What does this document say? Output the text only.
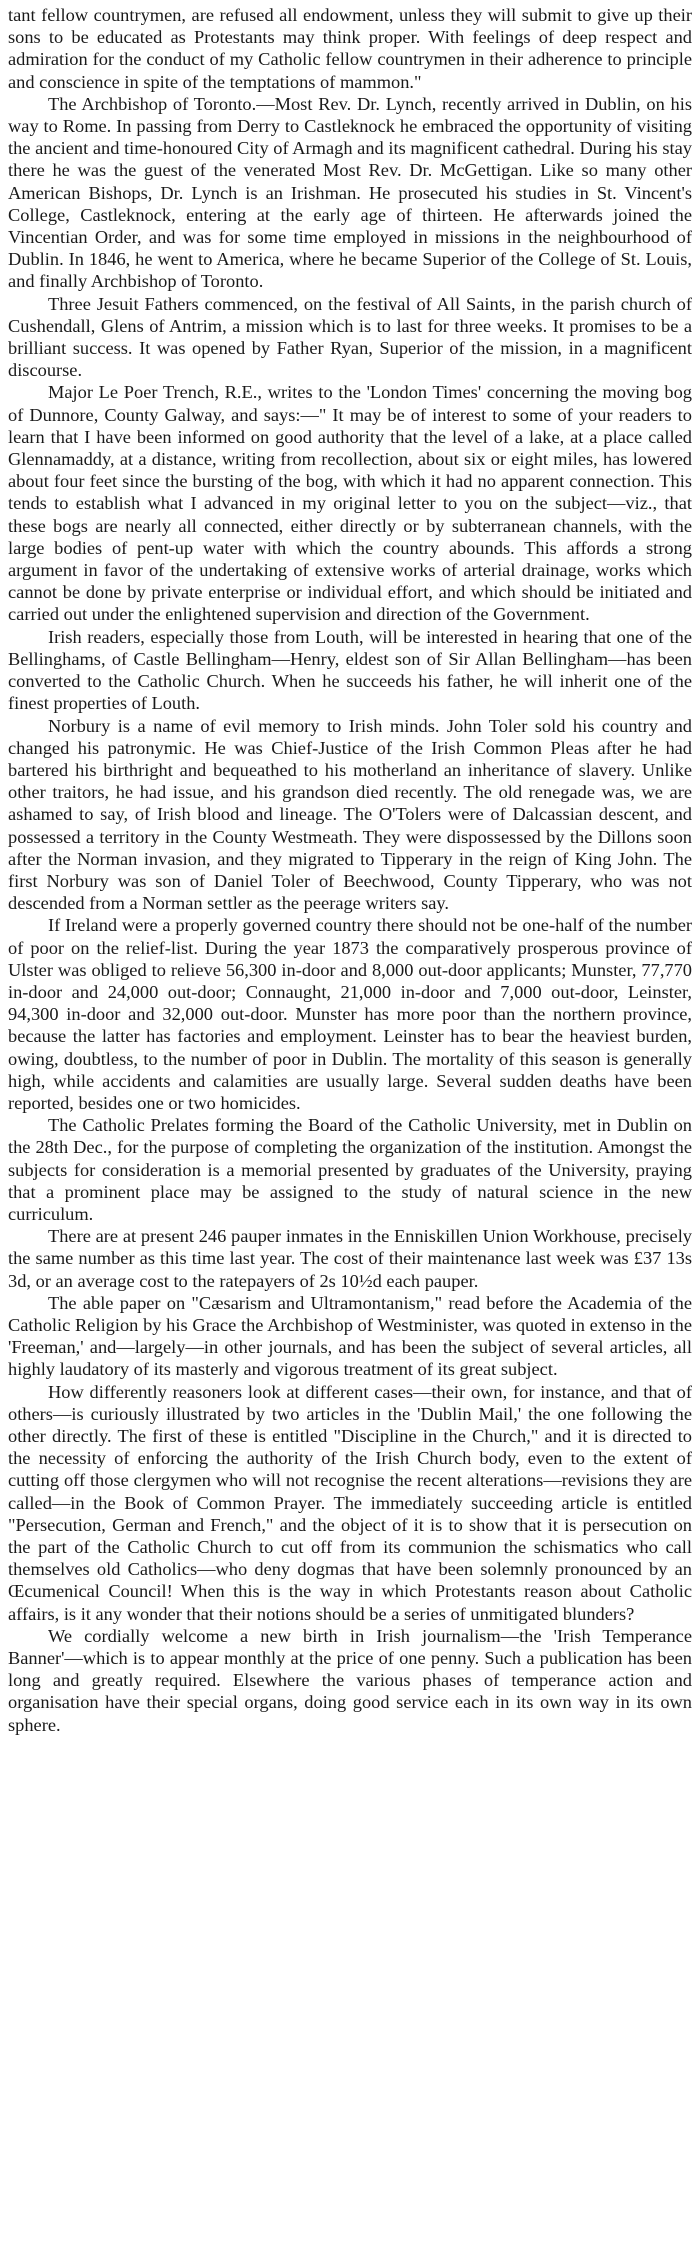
tant fellow countrymen, are refused all endowment, unless they will submit to give up their sons to be educated as Protestants may think proper. With feelings of deep respect and admiration for the conduct of my Catholic fellow countrymen in their adherence to principle and conscience in spite of the temptations of mammon."

The Archbishop of Toronto.—Most Rev. Dr. Lynch, recently arrived in Dublin, on his way to Rome. In passing from Derry to Castleknock he embraced the opportunity of visiting the ancient and time-honoured City of Armagh and its magnificent cathedral. During his stay there he was the guest of the venerated Most Rev. Dr. McGettigan. Like so many other American Bishops, Dr. Lynch is an Irishman. He prosecuted his studies in St. Vincent's College, Castleknock, entering at the early age of thirteen. He afterwards joined the Vincentian Order, and was for some time employed in missions in the neighbourhood of Dublin. In 1846, he went to America, where he became Superior of the College of St. Louis, and finally Archbishop of Toronto.

Three Jesuit Fathers commenced, on the festival of All Saints, in the parish church of Cushendall, Glens of Antrim, a mission which is to last for three weeks. It promises to be a brilliant success. It was opened by Father Ryan, Superior of the mission, in a magnificent discourse.

Major Le Poer Trench, R.E., writes to the 'London Times' concerning the moving bog of Dunnore, County Galway, and says:—" It may be of interest to some of your readers to learn that I have been informed on good authority that the level of a lake, at a place called Glennamaddy, at a distance, writing from recollection, about six or eight miles, has lowered about four feet since the bursting of the bog, with which it had no apparent connection. This tends to establish what I advanced in my original letter to you on the subject—viz., that these bogs are nearly all connected, either directly or by subterranean channels, with the large bodies of pent-up water with which the country abounds. This affords a strong argument in favor of the undertaking of extensive works of arterial drainage, works which cannot be done by private enterprise or individual effort, and which should be initiated and carried out under the enlightened supervision and direction of the Government.

Irish readers, especially those from Louth, will be interested in hearing that one of the Bellinghams, of Castle Bellingham—Henry, eldest son of Sir Allan Bellingham—has been converted to the Catholic Church. When he succeeds his father, he will inherit one of the finest properties of Louth.

Norbury is a name of evil memory to Irish minds. John Toler sold his country and changed his patronymic. He was Chief-Justice of the Irish Common Pleas after he had bartered his birthright and bequeathed to his motherland an inheritance of slavery. Unlike other traitors, he had issue, and his grandson died recently. The old renegade was, we are ashamed to say, of Irish blood and lineage. The O'Tolers were of Dalcassian descent, and possessed a territory in the County Westmeath. They were dispossessed by the Dillons soon after the Norman invasion, and they migrated to Tipperary in the reign of King John. The first Norbury was son of Daniel Toler of Beechwood, County Tipperary, who was not descended from a Norman settler as the peerage writers say.

If Ireland were a properly governed country there should not be one-half of the number of poor on the relief-list. During the year 1873 the comparatively prosperous province of Ulster was obliged to relieve 56,300 in-door and 8,000 out-door applicants; Munster, 77,770 in-door and 24,000 out-door; Connaught, 21,000 in-door and 7,000 out-door, Leinster, 94,300 in-door and 32,000 out-door. Munster has more poor than the northern province, because the latter has factories and employment. Leinster has to bear the heaviest burden, owing, doubtless, to the number of poor in Dublin. The mortality of this season is generally high, while accidents and calamities are usually large. Several sudden deaths have been reported, besides one or two homicides.

The Catholic Prelates forming the Board of the Catholic University, met in Dublin on the 28th Dec., for the purpose of completing the organization of the institution. Amongst the subjects for consideration is a memorial presented by graduates of the University, praying that a prominent place may be assigned to the study of natural science in the new curriculum.

There are at present 246 pauper inmates in the Enniskillen Union Workhouse, precisely the same number as this time last year. The cost of their maintenance last week was £37 13s 3d, or an average cost to the ratepayers of 2s 10½d each pauper.

The able paper on "Cæsarism and Ultramontanism," read before the Academia of the Catholic Religion by his Grace the Archbishop of Westminister, was quoted in extenso in the 'Freeman,' and—largely—in other journals, and has been the subject of several articles, all highly laudatory of its masterly and vigorous treatment of its great subject.

How differently reasoners look at different cases—their own, for instance, and that of others—is curiously illustrated by two articles in the 'Dublin Mail,' the one following the other directly. The first of these is entitled "Discipline in the Church," and it is directed to the necessity of enforcing the authority of the Irish Church body, even to the extent of cutting off those clergymen who will not recognise the recent alterations—revisions they are called—in the Book of Common Prayer. The immediately succeeding article is entitled "Persecution, German and French," and the object of it is to show that it is persecution on the part of the Catholic Church to cut off from its communion the schismatics who call themselves old Catholics—who deny dogmas that have been solemnly pronounced by an Œcumenical Council! When this is the way in which Protestants reason about Catholic affairs, is it any wonder that their notions should be a series of unmitigated blunders?

We cordially welcome a new birth in Irish journalism—the 'Irish Temperance Banner'—which is to appear monthly at the price of one penny. Such a publication has been long and greatly required. Elsewhere the various phases of temperance action and organisation have their special organs, doing good service each in its own way in its own sphere.
